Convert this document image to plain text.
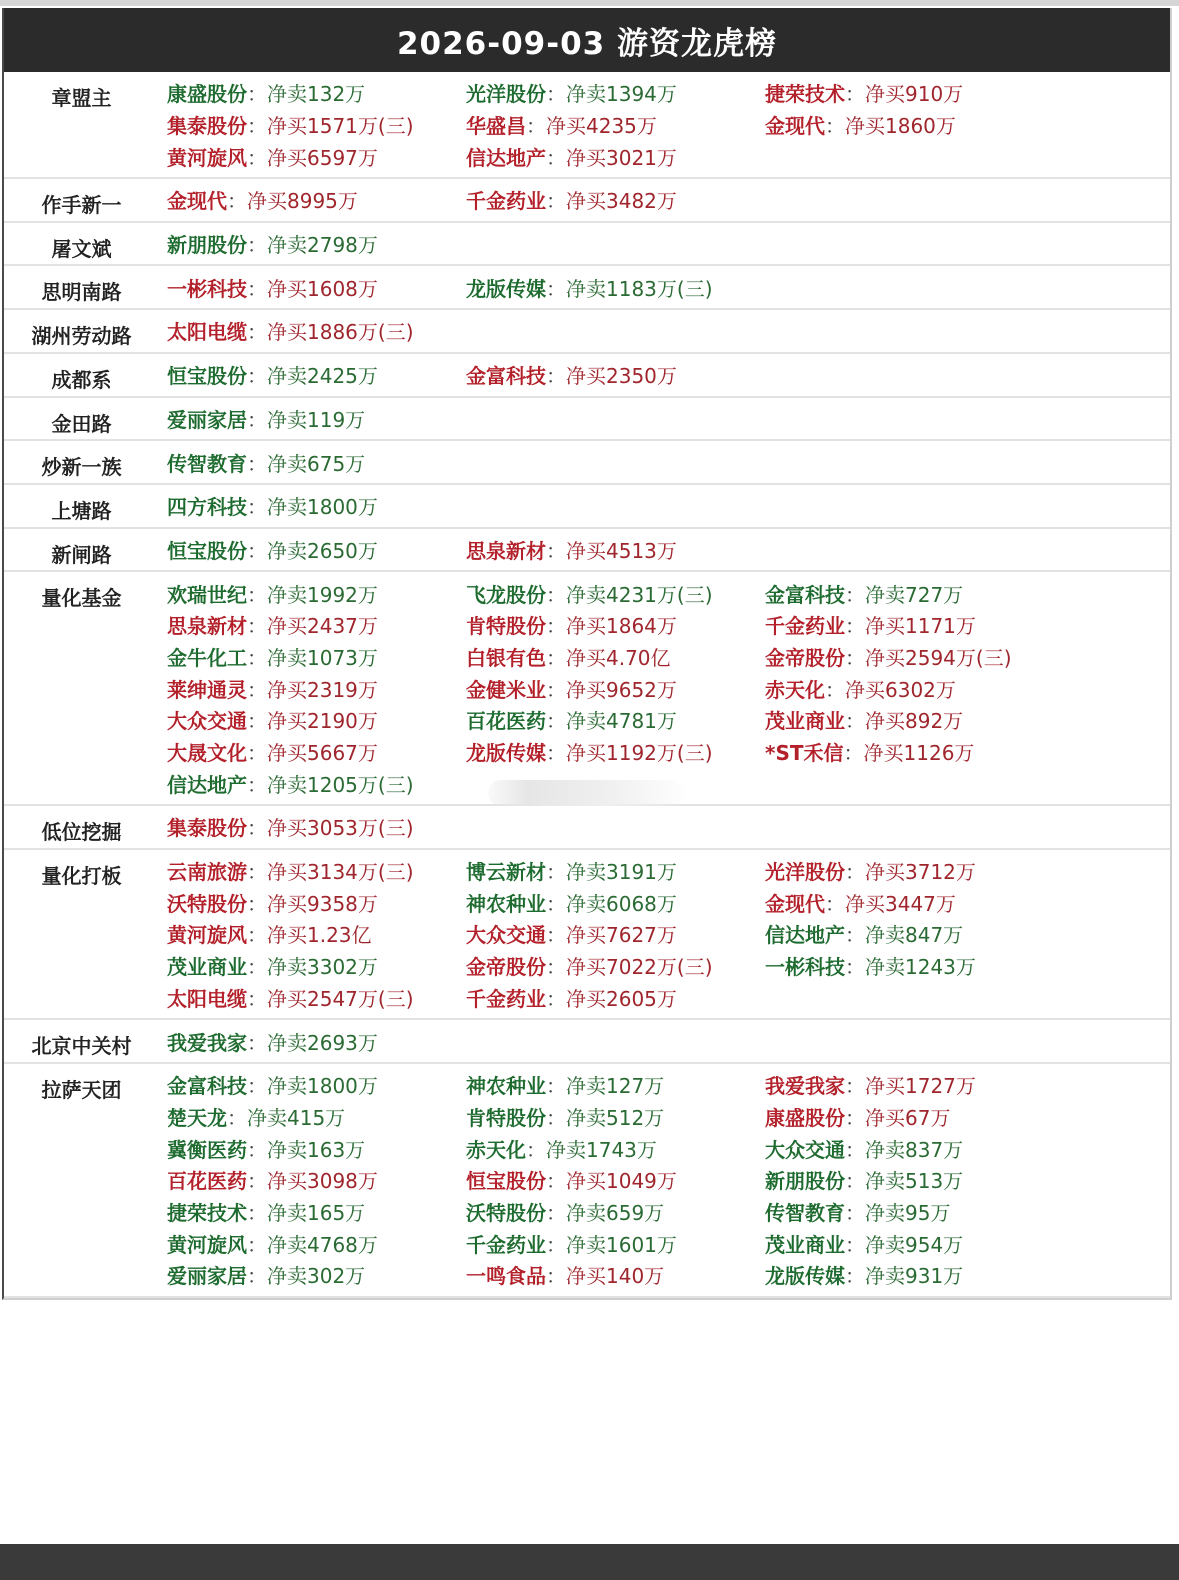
2026-09-03 游资龙虎榜
章盟主	康盛股份：净卖132万	光洋股份：净卖1394万	捷荣技术：净买910万
集泰股份：净买1571万(三)	华盛昌：净买4235万	金现代：净买1860万
黄河旋风：净买6597万	信达地产：净买3021万
作手新一	金现代：净买8995万	千金药业：净买3482万
屠文斌	新朋股份：净卖2798万
思明南路	一彬科技：净买1608万	龙版传媒：净卖1183万(三)
湖州劳动路	太阳电缆：净买1886万(三)
成都系	恒宝股份：净卖2425万	金富科技：净买2350万
金田路	爱丽家居：净卖119万
炒新一族	传智教育：净卖675万
上塘路	四方科技：净卖1800万
新闸路	恒宝股份：净卖2650万	思泉新材：净买4513万
量化基金	欢瑞世纪：净卖1992万	飞龙股份：净卖4231万(三)	金富科技：净卖727万
思泉新材：净买2437万	肯特股份：净买1864万	千金药业：净买1171万
金牛化工：净卖1073万	白银有色：净买4.70亿	金帝股份：净买2594万(三)
莱绅通灵：净买2319万	金健米业：净买9652万	赤天化：净买6302万
大众交通：净买2190万	百花医药：净卖4781万	茂业商业：净买892万
大晟文化：净买5667万	龙版传媒：净买1192万(三)	*ST禾信：净买1126万
信达地产：净卖1205万(三)
低位挖掘	集泰股份：净买3053万(三)
量化打板	云南旅游：净买3134万(三)	博云新材：净卖3191万	光洋股份：净买3712万
沃特股份：净买9358万	神农种业：净卖6068万	金现代：净买3447万
黄河旋风：净买1.23亿	大众交通：净买7627万	信达地产：净卖847万
茂业商业：净卖3302万	金帝股份：净买7022万(三)	一彬科技：净卖1243万
太阳电缆：净买2547万(三)	千金药业：净买2605万
北京中关村	我爱我家：净卖2693万
拉萨天团	金富科技：净卖1800万	神农种业：净卖127万	我爱我家：净买1727万
楚天龙：净卖415万	肯特股份：净卖512万	康盛股份：净买67万
冀衡医药：净卖163万	赤天化：净卖1743万	大众交通：净卖837万
百花医药：净买3098万	恒宝股份：净买1049万	新朋股份：净卖513万
捷荣技术：净卖165万	沃特股份：净卖659万	传智教育：净卖95万
黄河旋风：净卖4768万	千金药业：净卖1601万	茂业商业：净卖954万
爱丽家居：净卖302万	一鸣食品：净买140万	龙版传媒：净卖931万
